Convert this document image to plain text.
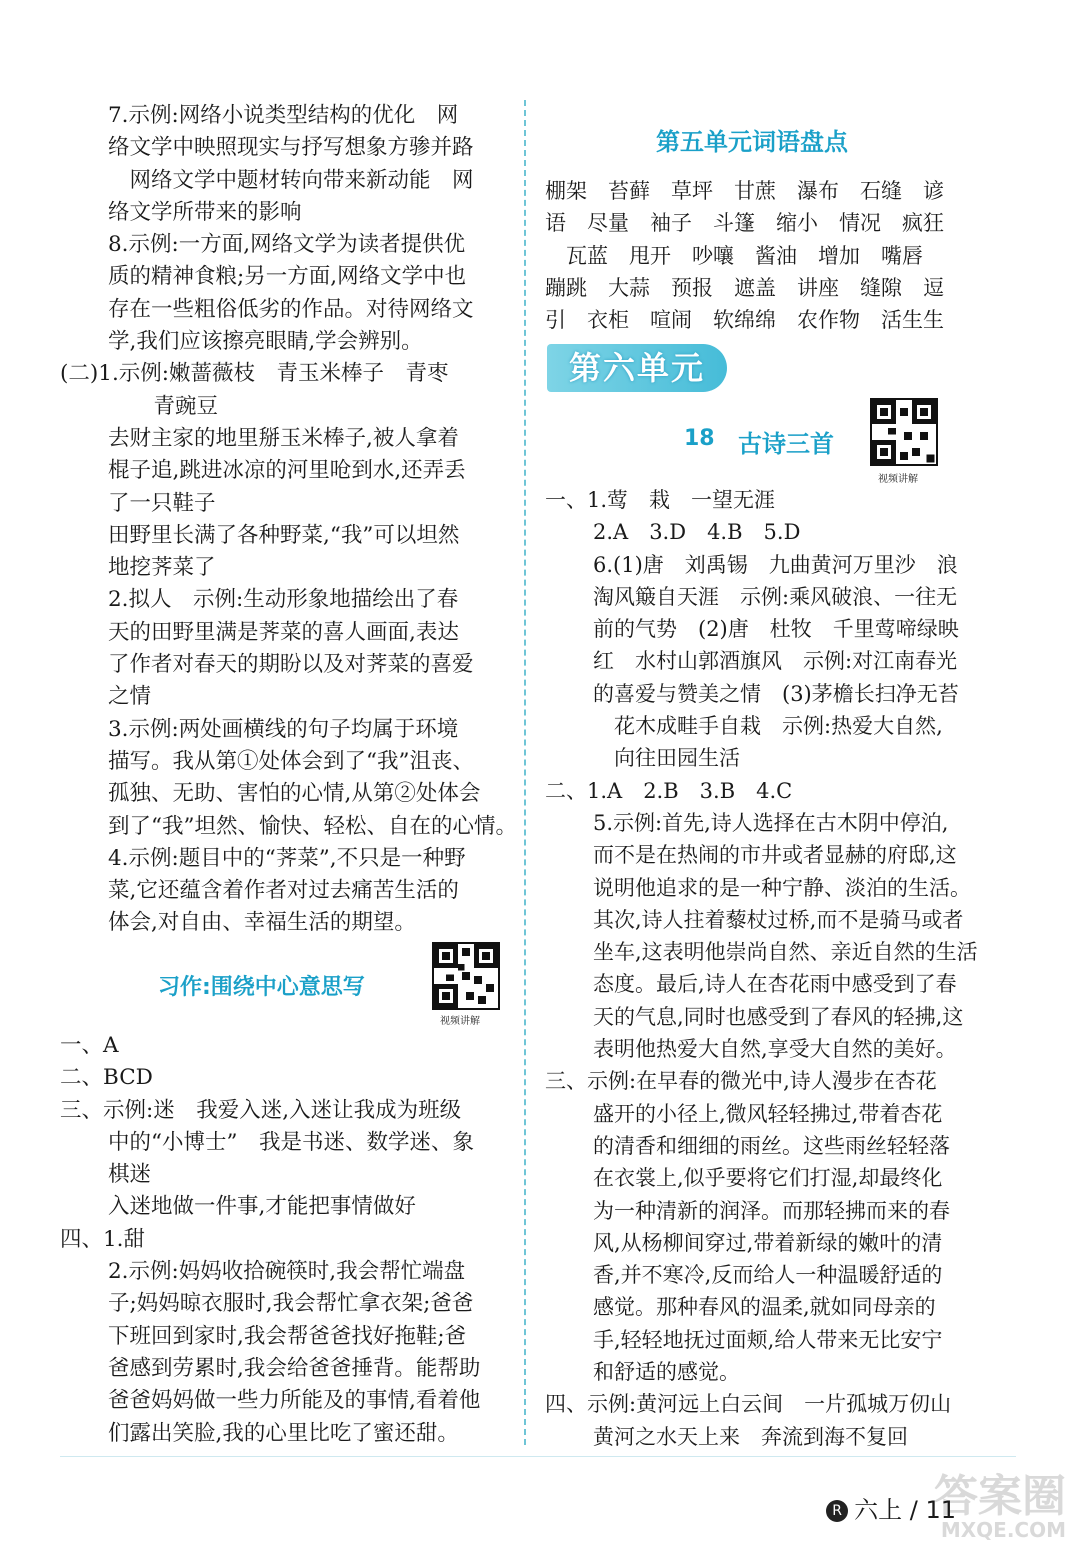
7.示例:网络小说类型结构的优化　网
络文学中映照现实与抒写想象方骖并路
　网络文学中题材转向带来新动能　网
络文学所带来的影响
8.示例:一方面,网络文学为读者提供优
质的精神食粮;另一方面,网络文学中也
存在一些粗俗低劣的作品。对待网络文
学,我们应该擦亮眼睛,学会辨别。
(二)1.示例:嫩蔷薇枝　青玉米棒子　青枣
　青豌豆
去财主家的地里掰玉米棒子,被人拿着
棍子追,跳进冰凉的河里呛到水,还弄丢
了一只鞋子
田野里长满了各种野菜,“我”可以坦然
地挖荠菜了
2.拟人　示例:生动形象地描绘出了春
天的田野里满是荠菜的喜人画面,表达
了作者对春天的期盼以及对荠菜的喜爱
之情
3.示例:两处画横线的句子均属于环境
描写。我从第①处体会到了“我”沮丧、
孤独、无助、害怕的心情,从第②处体会
到了“我”坦然、愉快、轻松、自在的心情。
4.示例:题目中的“荠菜”,不只是一种野
菜,它还蕴含着作者对过去痛苦生活的
体会,对自由、幸福生活的期望。
习作:围绕中心意思写
视频讲解
一、A
二、BCD
三、示例:迷　我爱入迷,入迷让我成为班级
中的“小博士”　我是书迷、数学迷、象
棋迷
入迷地做一件事,才能把事情做好
四、1.甜
2.示例:妈妈收拾碗筷时,我会帮忙端盘
子;妈妈晾衣服时,我会帮忙拿衣架;爸爸
下班回到家时,我会帮爸爸找好拖鞋;爸
爸感到劳累时,我会给爸爸捶背。能帮助
爸爸妈妈做一些力所能及的事情,看着他
们露出笑脸,我的心里比吃了蜜还甜。
第五单元词语盘点
棚架　苔藓　草坪　甘蔗　瀑布　石缝　谚
语　尽量　袖子　斗篷　缩小　情况　疯狂
　瓦蓝　甩开　吵嚷　酱油　增加　嘴唇
蹦跳　大蒜　预报　遮盖　讲座　缝隙　逗
引　衣柜　喧闹　软绵绵　农作物　活生生
第六单元
18 古诗三首
视频讲解
一、1.莺　栽　一望无涯
2.A　3.D　4.B　5.D
6.(1)唐　刘禹锡　九曲黄河万里沙　浪
淘风簸自天涯　示例:乘风破浪、一往无
前的气势　(2)唐　杜牧　千里莺啼绿映
红　水村山郭酒旗风　示例:对江南春光
的喜爱与赞美之情　(3)茅檐长扫净无苔
　花木成畦手自栽　示例:热爱大自然,
　向往田园生活
二、1.A　2.B　3.B　4.C
5.示例:首先,诗人选择在古木阴中停泊,
而不是在热闹的市井或者显赫的府邸,这
说明他追求的是一种宁静、淡泊的生活。
其次,诗人拄着藜杖过桥,而不是骑马或者
坐车,这表明他崇尚自然、亲近自然的生活
态度。最后,诗人在杏花雨中感受到了春
天的气息,同时也感受到了春风的轻拂,这
表明他热爱大自然,享受大自然的美好。
三、示例:在早春的微光中,诗人漫步在杏花
盛开的小径上,微风轻轻拂过,带着杏花
的清香和细细的雨丝。这些雨丝轻轻落
在衣裳上,似乎要将它们打湿,却最终化
为一种清新的润泽。而那轻拂而来的春
风,从杨柳间穿过,带着新绿的嫩叶的清
香,并不寒冷,反而给人一种温暖舒适的
感觉。那种春风的温柔,就如同母亲的
手,轻轻地抚过面颊,给人带来无比安宁
和舒适的感觉。
四、示例:黄河远上白云间　一片孤城万仞山
黄河之水天上来　奔流到海不复回
答案圈
MXQE.COM
R 六上 / 11
